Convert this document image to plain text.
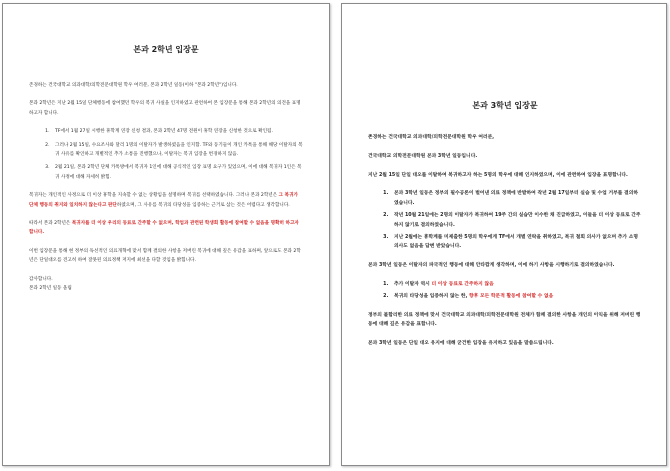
본과 2학년 입장문

존경하는 건국대학교 의과대학/의학전문대학원 학우 여러분, 본과 2학년 일동(이하 "본과 2학년")입니다.

본과 2학년은 지난 2월 15일 단체행동에 참여했던 학우의 복귀 사실을 인지하였고 관련하여 본 입장문을 통해 본과 2학년의 의견을 표명하고자 합니다.

1. TF에서 1월 27일 시행한 휴학계 연장 신청 결과, 본과 2학년 47명 전원이 휴학 연장을 신청한 것으로 확인됨.
2. 그러나 2월 15일, 수요조사와 달리 1명의 이탈자가 발생하였음을 인지함. TF와 동기들이 개인 카톡을 통해 해당 이탈자의 복귀 사유를 확인하고 개별적인 추가 소통을 진행했으나, 이탈자는 복귀 입장을 번경하지 않음.
3. 2월 21일, 본과 2학년 단체 카톡방에서 복귀자 1인에 대해 공식적인 입장 표명 요구가 있었으며, 이에 대해 복귀자 1인은 복귀 사정에 대해 자세히 밝힘.

복귀자는 개인적인 사정으로 더 이상 휴학을 지속할 수 없는 상황임을 설명하며 복귀를 선택하였습니다. 그러나 본과 2학년은 그 복귀가 단체 행동의 취지와 일치하지 않는다고 판단하였으며, 그 사유를 복귀의 타당성을 입증하는 근거로 삼는 것은 어렵다고 생각합니다.

따라서 본과 2학년은 복귀자를 더 이상 우리의 동료로 간주할 수 없으며, 학업과 관련된 학생회 활동에 참여할 수 없음을 명확히 하고자 합니다.

이번 입장문을 통해 현 정부의 독선적인 의료개혁에 맞서 함께 결의한 사항을 저버린 복귀에 대해 깊은 유감을 표하며, 앞으로도 본과 2학년은 단일대오를 견고히 하여 잘못된 의료정책 저지에 최선을 다할 것임을 밝힙니다.

감사합니다.

본과 2학년 일동 올림

본과 3학년 입장문

존경하는 건국대학교 의과대학/의학전문대학원 학우 여러분,

건국대학교 의학전문대학원 본과 3학년 일동입니다.

지난 2월 15일 단일 대오를 이탈하여 복귀하고자 하는 5명의 학우에 대해 인지하였으며, 이에 관련하여 입장을 표명합니다.

1. 본과 3학년 일동은 정부의 필수공론이 벌어낸 의료 정책에 반발하여 작년 2월 17일부터 실습 및 수업 거부를 결의하였습니다.
2. 작년 10월 21일에는 2명의 이탈자가 복귀하여 19주 간의 실습만 이수한 채 진급하였고, 이들을 더 이상 동료로 간주하지 않기로 결의하였습니다.
3. 지난 2월에는 휴학계를 미제출한 5명의 학우에게 TF에서 개별 연락을 취하였고, 복귀 철회 의사가 없으며 추가 소명 의사도 없음을 답변 받았습니다.

본과 3학년 일동은 이탈자의 파국적인 행동에 대해 안타깝게 생각하며, 이에 하기 사항을 시행하기로 결의하였습니다.

1. 추가 이탈자 역시 더 이상 동료로 간주하지 않음
2. 복귀의 타당성을 입증하지 않는 한, 향후 모든 학문적 활동에 참여할 수 없음

정부의 불합리한 의료 정책에 맞서 건국대학교 의과대학/의학전문대학원 전체가 함께 결의한 사항을 개인의 이익을 위해 저버린 행동에 대해 깊은 유감을 표합니다.

본과 3학년 일동은 단일 대오 유지에 대해 굳건한 입장을 유지하고 있음을 말씀드립니다.
